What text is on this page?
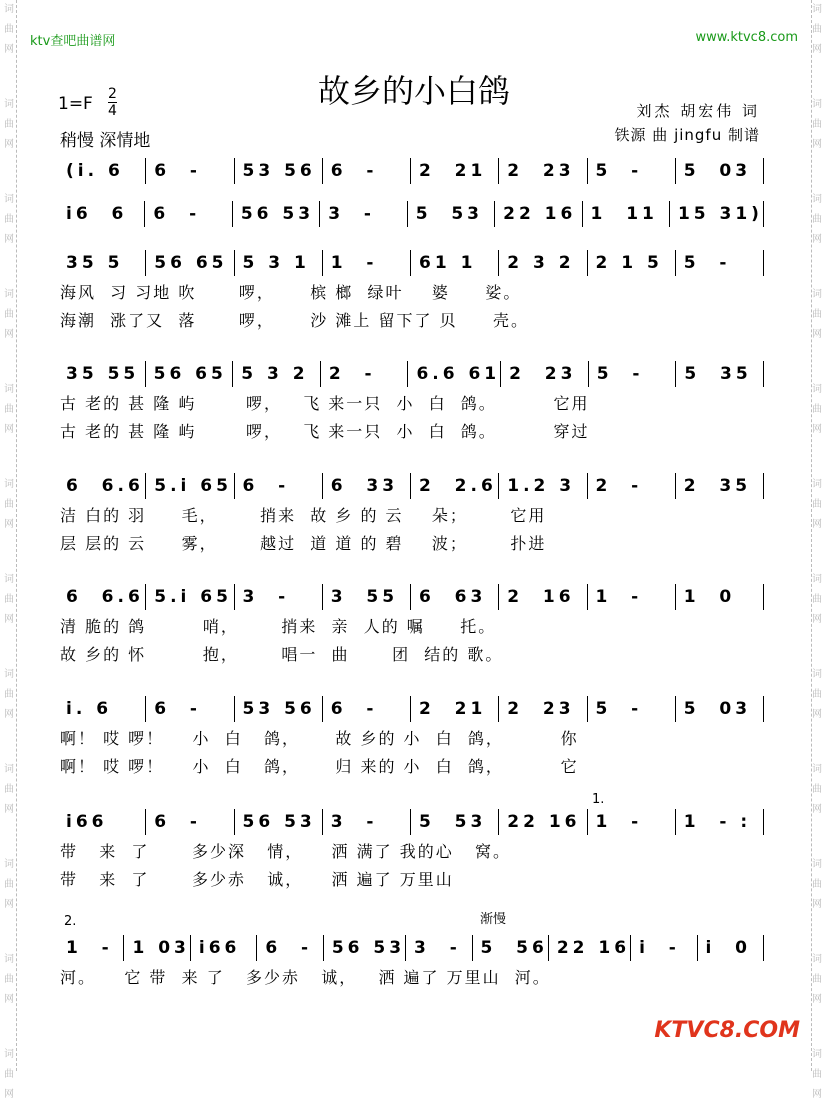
ktv查吧曲谱网	www.ktvc8.com
故乡的小白鸽
1=F 2
4
稍慢 深情地
刘杰 胡宏伟 词
铁源 曲 jingfu 制谱
(i. 6	6  -	53 56 6  -	2  21	2  23	5  -	5  03
i6  6	6  -	56 53 3  -	5  53	22 16 1  11	15 31)
35 5	56 65 5 3 1	1  -	61 1	2 3 2	2 1 5	5  -
海风  习 习地 吹      啰，     槟 榔  绿叶    婆     娑。
海潮  涨了又  落      啰，     沙 滩上 留下了 贝     壳。
35 55 56 65 5 3 2	2  -	6.6 61 2  23	5  -	5  35
古 老的 甚 隆 屿       啰，   飞 来一只  小  白  鸽。        它用
古 老的 甚 隆 屿       啰，   飞 来一只  小  白  鸽。        穿过
6  6.6 5.i 65 6  -	6  33	2  2.6 1.2 3	2  -	2  35
洁 白的 羽     毛，      捎来  故 乡 的 云    朵；      它用
层 层的 云     雾，      越过  道 道 的 碧    波；      扑进
6  6.6 5.i 65 3  -	3  55	6  63	2  16	1  -	1  0
清 脆的 鸽        哨，      捎来  亲  人的 嘱     托。
故 乡的 怀        抱，      唱一  曲      团  结的 歌。
i. 6	6  -	53 56 6  -	2  21	2  23	5  -	5  03
啊！ 哎 啰！    小  白   鸽，     故 乡的 小  白  鸽，        你
啊！ 哎 啰！    小  白   鸽，     归 来的 小  白  鸽，        它
i66	6  -	56 53 3  -	5  53	22 16 1  -	1  - :
带   来  了      多少深   情，    洒 满了 我的心   窝。
带   来  了      多少赤   诚，    洒 遍了 万里山
1  -	1 03 i66	6  -	56 53 3  -	5  56 22 16 i  -	i  0
河。    它 带  来 了   多少赤   诚，   洒 遍了 万里山  河。
渐慢
2.
1.
KTVC8.COM
词
曲
网
词
曲
网
词
曲
网
词
曲
网
词
曲
网
词
曲
网
词
曲
网
词
曲
网
词
曲
网
词
曲
网
词
曲
网
词
曲
网
词
曲
网
词
曲
网
词
曲
网
词
曲
网
词
曲
网
词
曲
网
词
曲
网
词
曲
网
词
曲
网
词
曲
网
词
曲
网
词
曲
网
